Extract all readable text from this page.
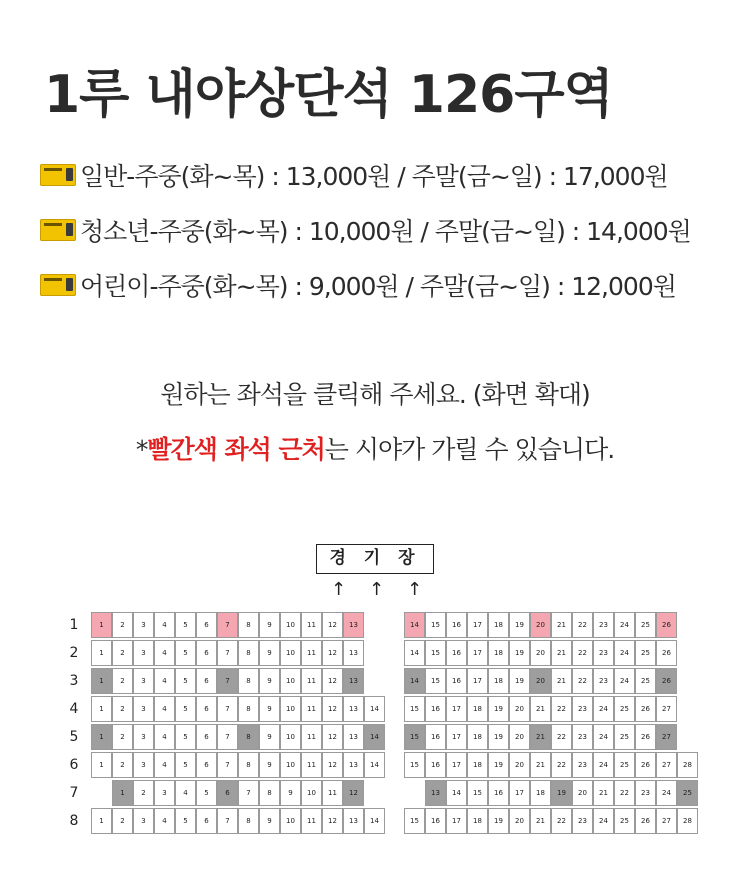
1루 내야상단석 126구역
일반-주중(화~목) : 13,000원 / 주말(금~일) : 17,000원
청소년-주중(화~목) : 10,000원 / 주말(금~일) : 14,000원
어린이-주중(화~목) : 9,000원 / 주말(금~일) : 12,000원
원하는 좌석을 클릭해 주세요. (화면 확대)
*빨간색 좌석 근처는 시야가 가릴 수 있습니다.
경 기 장
↑ ↑ ↑
1	1	2	3	4	5	6	7	8	9	10	11	12	13	14	15	16	17	18	19	20	21	22	23	24	25	26
2	1	2	3	4	5	6	7	8	9	10	11	12	13	14	15	16	17	18	19	20	21	22	23	24	25	26
3	1	2	3	4	5	6	7	8	9	10	11	12	13	14	15	16	17	18	19	20	21	22	23	24	25	26
4	1	2	3	4	5	6	7	8	9	10	11	12	13	14	15	16	17	18	19	20	21	22	23	24	25	26	27
5	1	2	3	4	5	6	7	8	9	10	11	12	13	14	15	16	17	18	19	20	21	22	23	24	25	26	27
6	1	2	3	4	5	6	7	8	9	10	11	12	13	14	15	16	17	18	19	20	21	22	23	24	25	26	27	28
7	1	2	3	4	5	6	7	8	9	10	11	12	13	14	15	16	17	18	19	20	21	22	23	24	25
8	1	2	3	4	5	6	7	8	9	10	11	12	13	14	15	16	17	18	19	20	21	22	23	24	25	26	27	28
